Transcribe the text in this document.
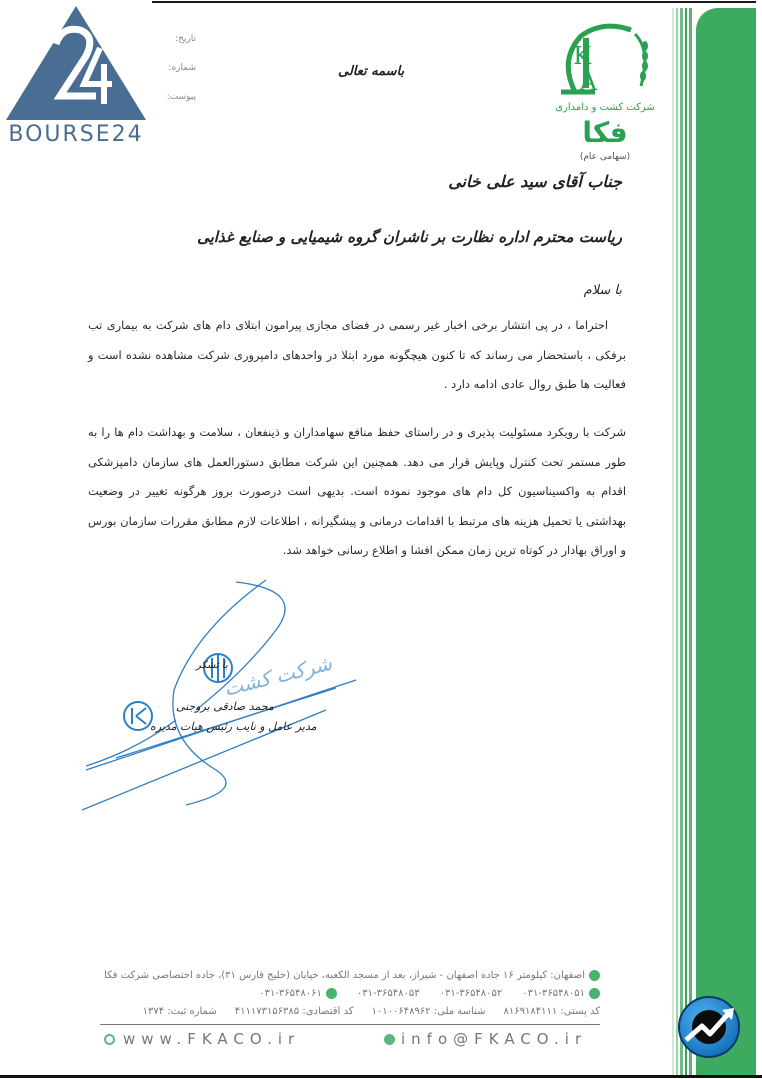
BOURSE24
تاریخ:
شماره:
پیوست:
باسمه تعالی
K
A
شرکت کشت و دامداری
فکا
(سهامی عام)
جناب آقای سید علی خانی
ریاست محترم اداره نظارت بر ناشران گروه شیمیایی و صنایع غذایی
با سلام
احتراما ، در پی انتشار برخی اخبار غیر رسمی در فضای مجازی پیرامون ابتلای دام های شرکت به بیماری تب برفکی ، باستحضار می رساند که تا کنون هیچگونه مورد ابتلا در واحدهای دامپروری شرکت مشاهده نشده است و فعالیت ها طبق روال عادی ادامه دارد .
شرکت با رویکرد مسئولیت پذیری و در راستای حفظ منافع سهامداران و ذینفعان ، سلامت و بهداشت دام ها را به طور مستمر تحت کنترل وپایش قرار می دهد. همچنین این شرکت مطابق دستورالعمل های سازمان دامپزشکی اقدام به واکسیناسیون کل دام های موجود نموده است. بدیهی است درصورت بروز هرگونه تغییر در وضعیت بهداشتی یا تحمیل هزینه های مرتبط با اقدامات درمانی و پیشگیرانه ، اطلاعات لازم مطابق مقررات سازمان بورس و اوراق بهادار در کوتاه ترین زمان ممکن افشا و اطلاع رسانی خواهد شد.
شرکت کشت
با تشکر
محمد صادقی بروجنی
مدیر عامل و نایب رئیس هیات مدیره
اصفهان: کیلومتر ۱۶ جاده اصفهان - شیراز، بعد از مسجد الکعبه، خیابان (خلیج فارس ۳۱)، جاده اختصاصی شرکت فکا
۰۳۱-۳۶۵۴۸۰۵۱
۰۳۱-۳۶۵۴۸۰۵۲
۰۳۱-۳۶۵۴۸۰۵۳
۰۳۱-۳۶۵۴۸۰۶۱
کد پستی: ۸۱۶۹۱۸۴۱۱۱
شناسه ملی: ۱۰۱۰۰۶۴۸۹۶۲
کد اقتصادی: ۴۱۱۱۷۳۱۵۶۳۸۵
شماره ثبت: ۱۳۷۴
www.FKACO.ir	info@FKACO.ir
